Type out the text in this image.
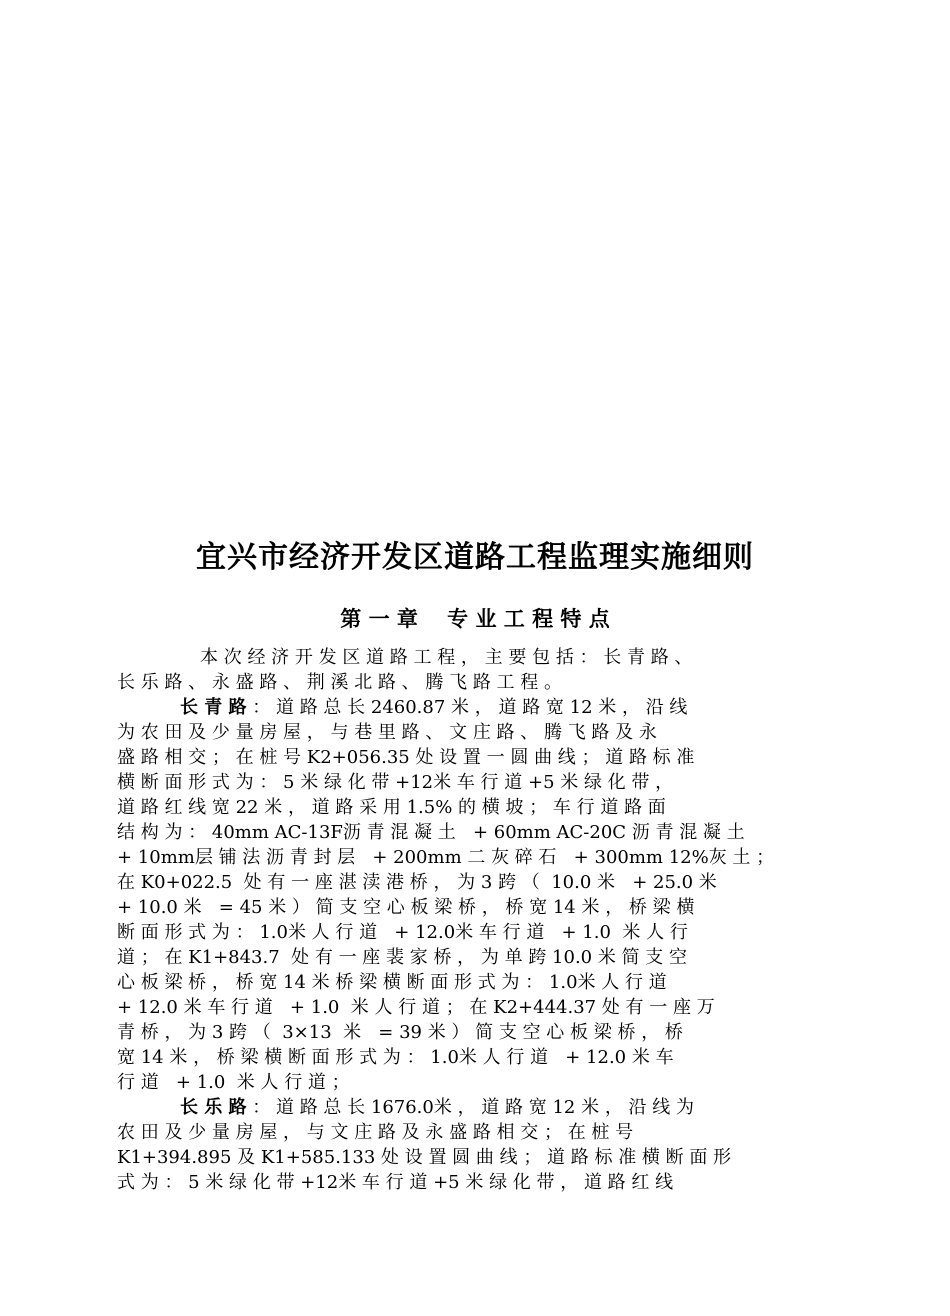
宜兴市经济开发区道路工程监理实施细则
第 一 章    专 业 工 程 特 点
本 次 经 济 开 发 区 道 路 工 程 ， 主 要 包 括 ： 长 青 路 、
长 乐 路 、 永 盛 路 、 荆 溪 北 路 、 腾 飞 路 工 程 。
长 青 路 ： 道 路 总 长 2460.87 米 ， 道 路 宽 12 米 ， 沿 线
为 农 田 及 少 量 房 屋 ， 与 巷 里 路 、 文 庄 路 、 腾 飞 路 及 永
盛 路 相 交 ； 在 桩 号 K2+056.35 处 设 置 一 圆 曲 线 ； 道 路 标 准
横 断 面 形 式 为 ： 5 米 绿 化 带 +12米 车 行 道 +5 米 绿 化 带 ，
道 路 红 线 宽 22 米 ， 道 路 采 用 1.5% 的 横 坡 ； 车 行 道 路 面
结 构 为 ： 40mm AC-13F沥 青 混 凝 土   + 60mm AC-20C 沥 青 混 凝 土
+ 10mm层 铺 法 沥 青 封 层   + 200mm 二 灰 碎 石   + 300mm 12%灰 土 ；
在 K0+022.5  处 有 一 座 湛 渎 港 桥 ， 为 3 跨 （  10.0 米   + 25.0 米
+ 10.0 米   = 45 米 ） 简 支 空 心 板 梁 桥 ， 桥 宽 14 米 ， 桥 梁 横
断 面 形 式 为 ： 1.0米 人 行 道   + 12.0米 车 行 道   + 1.0  米 人 行
道 ； 在 K1+843.7  处 有 一 座 裴 家 桥 ， 为 单 跨 10.0 米 简 支 空
心 板 梁 桥 ， 桥 宽 14 米 桥 梁 横 断 面 形 式 为 ： 1.0米 人 行 道
+ 12.0 米 车 行 道   + 1.0  米 人 行 道 ； 在 K2+444.37 处 有 一 座 万
青 桥 ， 为 3 跨 （  3×13  米   = 39 米 ） 简 支 空 心 板 梁 桥 ， 桥
宽 14 米 ， 桥 梁 横 断 面 形 式 为 ： 1.0米 人 行 道   + 12.0 米 车
行 道   + 1.0  米 人 行 道 ；
长 乐 路 ： 道 路 总 长 1676.0米 ， 道 路 宽 12 米 ， 沿 线 为
农 田 及 少 量 房 屋 ， 与 文 庄 路 及 永 盛 路 相 交 ； 在 桩 号
K1+394.895 及 K1+585.133 处 设 置 圆 曲 线 ； 道 路 标 准 横 断 面 形
式 为 ： 5 米 绿 化 带 +12米 车 行 道 +5 米 绿 化 带 ， 道 路 红 线
